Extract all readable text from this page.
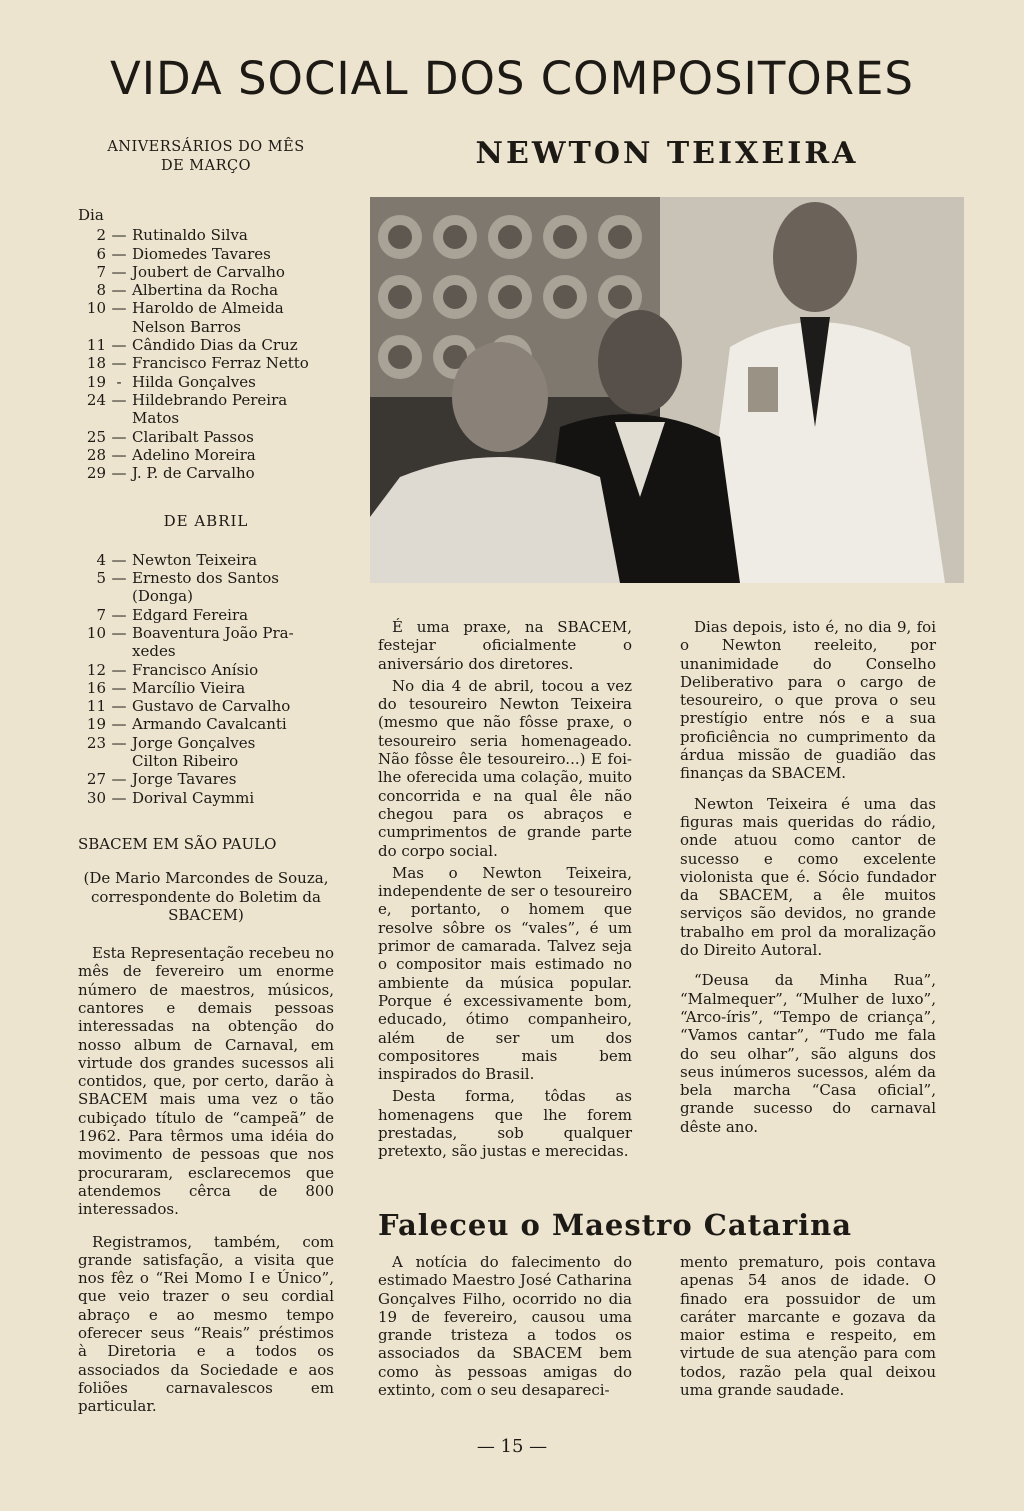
VIDA SOCIAL DOS COMPOSITORES

ANIVERSÁRIOS DO MÊS

DE MARÇO

Dia
2 — Rutinaldo Silva
6 — Diomedes Tavares
7 — Joubert de Carvalho
8 — Albertina da Rocha
10 — Haroldo de Almeida
Nelson Barros
11 — Cândido Dias da Cruz
18 — Francisco Ferraz Netto
19 - Hilda Gonçalves
24 — Hildebrando Pereira
Matos
25 — Claribalt Passos
28 — Adelino Moreira
29 — J. P. de Carvalho
DE ABRIL
4 — Newton Teixeira
5 — Ernesto dos Santos
(Donga)
7 — Edgard Fereira
10 — Boaventura João Pra-
xedes
12 — Francisco Anísio
16 — Marcílio Vieira
11 — Gustavo de Carvalho
19 — Armando Cavalcanti
23 — Jorge Gonçalves
Cilton Ribeiro
27 — Jorge Tavares
30 — Dorival Caymmi
SBACEM EM SÃO PAULO
(De Mario Marcondes de Souza, correspondente do Boletim da SBACEM)

Esta Representação recebeu no mês de fevereiro um enorme número de maestros, músicos, cantores e demais pessoas interessadas na obtenção do nosso album de Carnaval, em virtude dos grandes sucessos ali contidos, que, por certo, darão à SBACEM mais uma vez o tão cubiçado título de “campeã” de 1962. Para têrmos uma idéia do movimento de pessoas que nos procuraram, esclarecemos que atendemos cêrca de 800 interessados.

Registramos, também, com grande satisfação, a visita que nos fêz o “Rei Momo I e Único”, que veio trazer o seu cordial abraço e ao mesmo tempo oferecer seus “Reais” préstimos à Diretoria e a todos os associados da Sociedade e aos foliões carnavalescos em particular.

NEWTON TEIXEIRA

É uma praxe, na SBACEM, festejar oficialmente o aniversário dos diretores.

No dia 4 de abril, tocou a vez do tesoureiro Newton Teixeira (mesmo que não fôsse praxe, o tesoureiro seria homenageado. Não fôsse êle tesoureiro...) E foi-lhe oferecida uma colação, muito concorrida e na qual êle não chegou para os abraços e cumprimentos de grande parte do corpo social.

Mas o Newton Teixeira, independente de ser o tesoureiro e, portanto, o homem que resolve sôbre os “vales”, é um primor de camarada. Talvez seja o compositor mais estimado no ambiente da música popular. Porque é excessivamente bom, educado, ótimo companheiro, além de ser um dos compositores mais bem inspirados do Brasil.

Desta forma, tôdas as homenagens que lhe forem prestadas, sob qualquer pretexto, são justas e merecidas.

Dias depois, isto é, no dia 9, foi o Newton reeleito, por unanimidade do Conselho Deliberativo para o cargo de tesoureiro, o que prova o seu prestígio entre nós e a sua proficiência no cumprimento da árdua missão de guadião das finanças da SBACEM.

Newton Teixeira é uma das figuras mais queridas do rádio, onde atuou como cantor de sucesso e como excelente violonista que é. Sócio fundador da SBACEM, a êle muitos serviços são devidos, no grande trabalho em prol da moralização do Direito Autoral.

“Deusa da Minha Rua”, “Malmequer”, “Mulher de luxo”, “Arco-íris”, “Tempo de criança”, “Vamos cantar”, “Tudo me fala do seu olhar”, são alguns dos seus inúmeros sucessos, além da bela marcha “Casa oficial”, grande sucesso do carnaval dêste ano.

Faleceu o Maestro Catarina

A notícia do falecimento do estimado Maestro José Catharina Gonçalves Filho, ocorrido no dia 19 de fevereiro, causou uma grande tristeza a todos os associados da SBACEM bem como às pessoas amigas do extinto, com o seu desapareci-

mento prematuro, pois contava apenas 54 anos de idade. O finado era possuidor de um caráter marcante e gozava da maior estima e respeito, em virtude de sua atenção para com todos, razão pela qual deixou uma grande saudade.

— 15 —
